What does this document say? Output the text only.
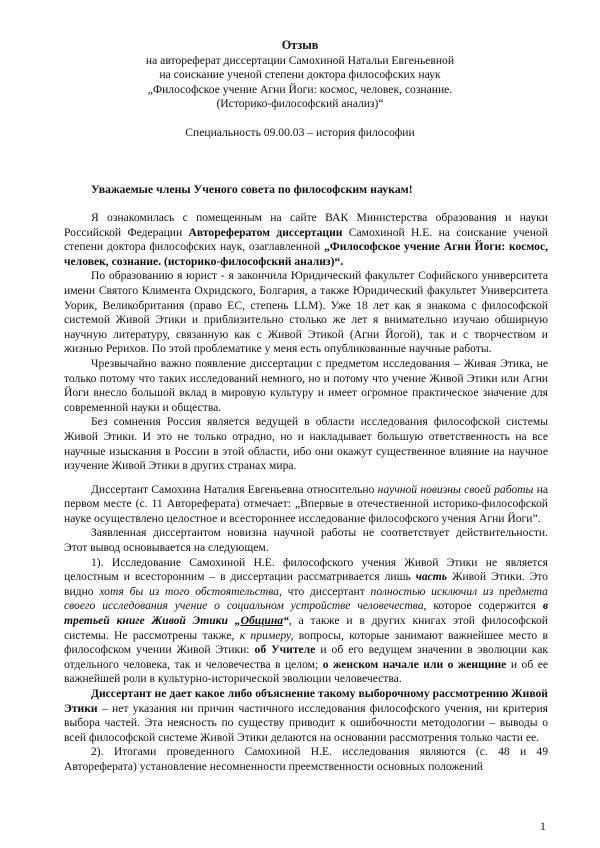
Отзыв

на автореферат диссертации Самохиной Натальи Евгеньевной

на соискание ученой степени доктора философских наук

„Философское учение Агни Йоги: космос, человек, сознание.

(Историко-философский анализ)“

Специальность 09.00.03 – история философии
Уважаемые члены Ученого совета по философским наукам!

Я ознакомилась с помещенным на сайте ВАК Министерства образования и науки Российской Федерации Авторефератом диссертации Самохиной Н.Е. на соискание ученой степени доктора философских наук, озаглавленной „Философское учение Агни Йоги: космос, человек, сознание. (историко-философский анализ)“.

По образованию я юрист - я закончила Юридический факультет Софийского университета имени Святого Климента Охридского, Болгария, а также Юридический факультет Университета Уорик, Великобритания (право ЕС, степень LLM). Уже 18 лет как я знакома с философской системой Живой Этики и приблизительно столько же лет я внимательно изучаю обширную научную литературу, связанную как с Живой Этикой (Агни Йогой), так и с творчеством и жизнью Рерихов. По этой проблематике у меня есть опубликованные научные работы.

Чрезвычайно важно появление диссертации с предметом исследования – Живая Этика, не только потому что таких исследований немного, но и потому что учение Живой Этики или Агни Йоги внесло большой вклад в мировую культуру и имеет огромное практическое значение для современной науки и общества.

Без сомнения Россия является ведущей в области исследования философской системы Живой Этики. И это не только отрадно, но и накладывает большую ответственность на все научные изыскания в России в этой области, ибо они окажут существенное влияние на научное изучение Живой Этики в других странах мира.

Диссертант Самохина Наталия Евгеньевна относительно научной новизны своей работы на первом месте (с. 11 Автореферата) отмечает: „Впервые в отечественной историко-философской науке осуществлено целостное и всестороннее исследование философского учения Агни Йоги”.

Заявленная диссертантом новизна научной работы не соответствует действительности. Этот вывод основывается на следующем.

1). Исследование Самохиной Н.Е. философского учения Живой Этики не является целостным и всесторонним – в диссертации рассматривается лишь часть Живой Этики. Это видно хотя бы из того обстоятельства, что диссертант полностью исключил из предмета своего исследования учение о социальном устройстве человечества, которое содержится в третьей книге Живой Этики „Община“, а также и в других книгах этой философской системы. Не рассмотрены также, к примеру, вопросы, которые занимают важнейшее место в философском учении Живой Этики: об Учителе и об его ведущем значении в эволюции как отдельного человека, так и человечества в целом; о женском начале или о женщине и об ее важнейшей роли в культурно-исторической эволюции человечества.

Диссертант не дает какое либо объяснение такому выборочному рассмотрению Живой Этики – нет указания ни причин частичного исследования философского учения, ни критерия выбора частей. Эта неясность по существу приводит к ошибочности методологии – выводы о всей философской системе Живой Этики делаются на основании рассмотрения только части ее.

2). Итогами проведенного Самохиной Н.Е. исследования являются (с. 48 и 49 Автореферата) установление несомненности преемственности основных положений

1
